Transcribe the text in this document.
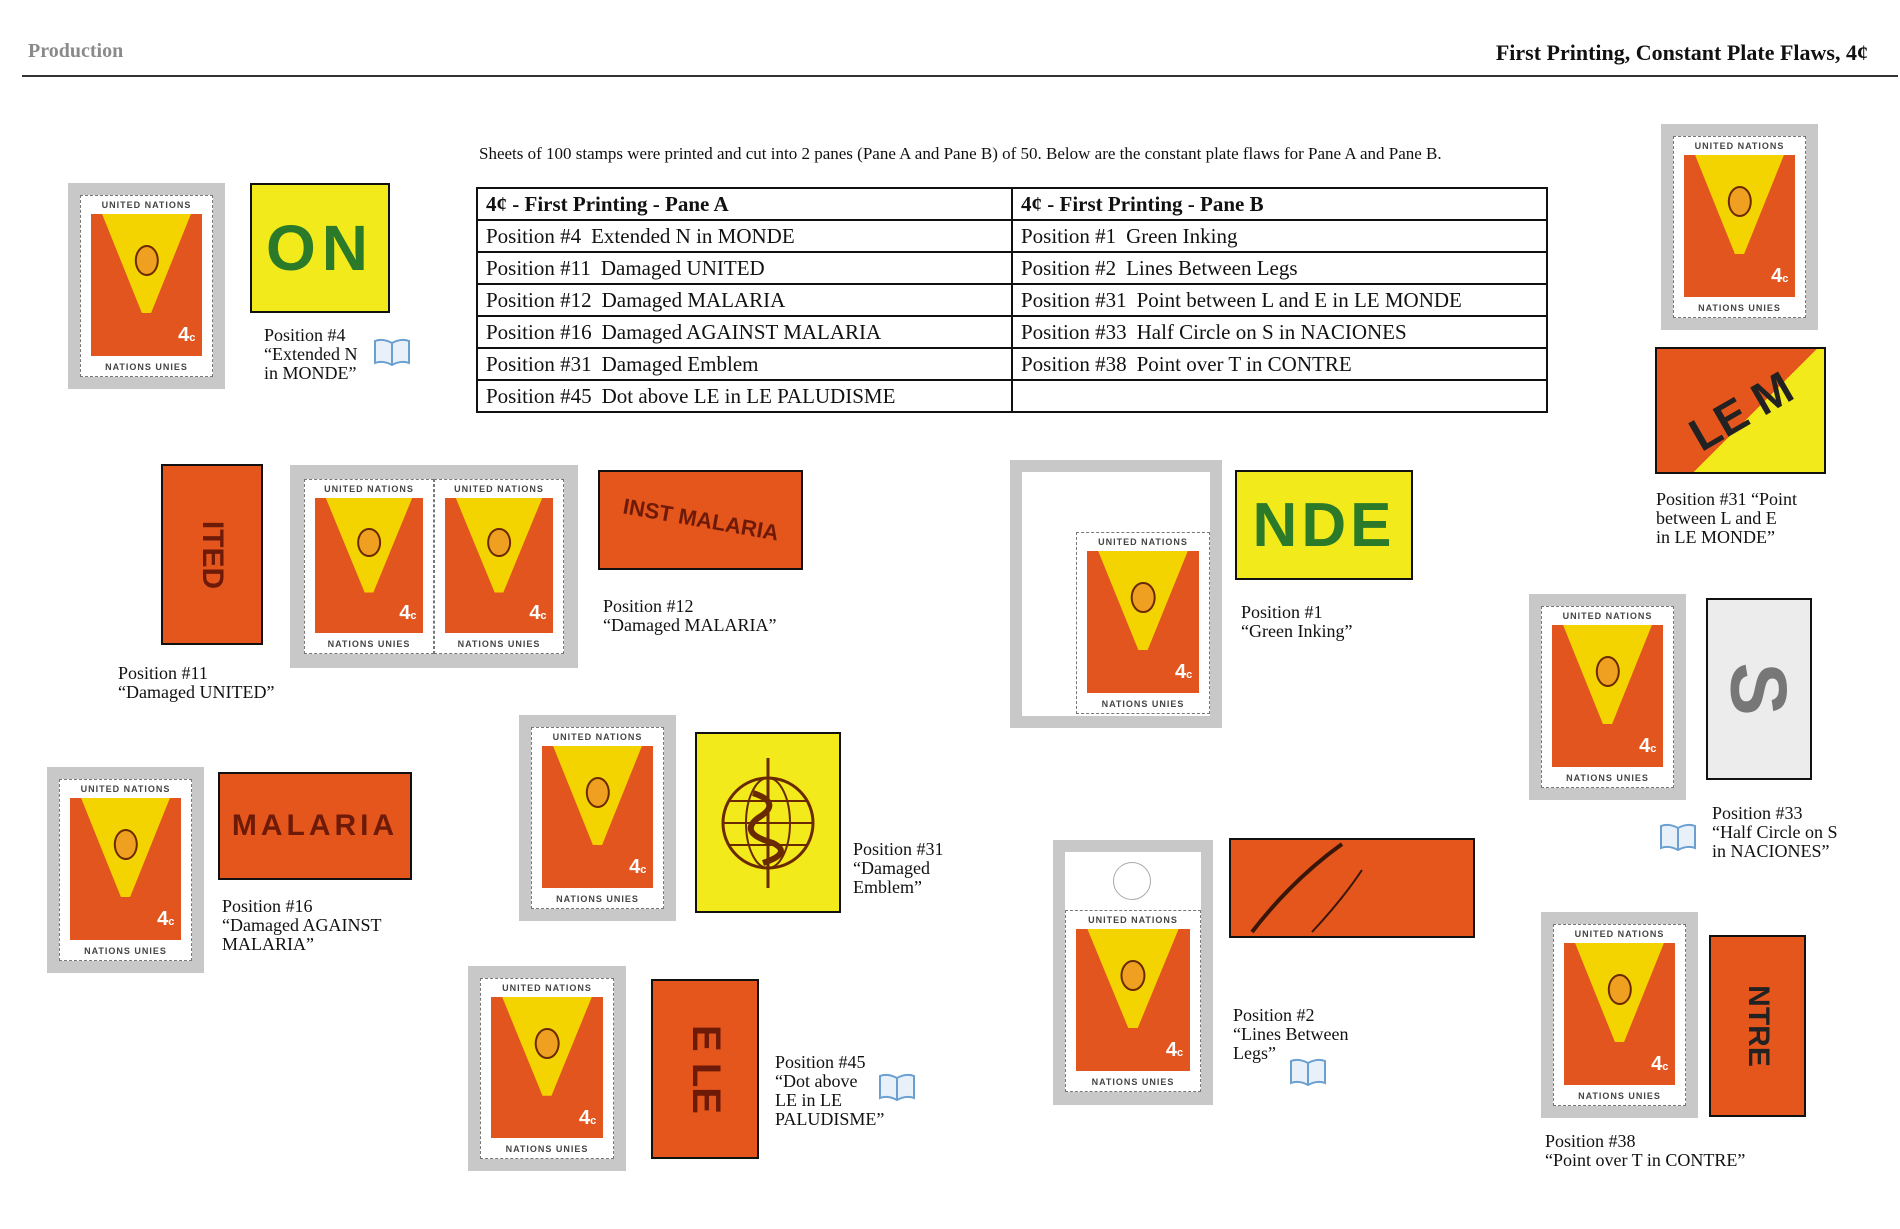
Production	First Printing, Constant Plate Flaws, 4¢
Sheets of 100 stamps were printed and cut into 2 panes (Pane A and Pane B) of 50. Below are the constant plate flaws for Pane A and Pane B.
4¢ - First Printing - Pane A	4¢ - First Printing - Pane B
Position #4 Extended N in MONDE	Position #1 Green Inking
Position #11 Damaged UNITED	Position #2 Lines Between Legs
Position #12 Damaged MALARIA	Position #31 Point between L and E in LE MONDE
Position #16 Damaged AGAINST MALARIA	Position #33 Half Circle on S in NACIONES
Position #31 Damaged Emblem	Position #38 Point over T in CONTRE
Position #45 Dot above LE in LE PALUDISME	
UNITED NATIONS
4c
NATIONS UNIES
UNITED NATIONS
4c
NATIONS UNIES
UNITED NATIONS
4c
NATIONS UNIES
UNITED NATIONS
4c
NATIONS UNIES
UNITED NATIONS
4c
NATIONS UNIES
UNITED NATIONS
4c
NATIONS UNIES
UNITED NATIONS
4c
NATIONS UNIES
UNITED NATIONS
4c
NATIONS UNIES
UNITED NATIONS
4c
NATIONS UNIES
UNITED NATIONS
4c
NATIONS UNIES
UNITED NATIONS
4c
NATIONS UNIES
ON
ITED
INST MALARIA
MALARIA
E LE
NDE
LE M
S
NTRE
Position #4
“Extended N
in MONDE”
Position #11
“Damaged UNITED”
Position #12
“Damaged MALARIA”
Position #16
“Damaged AGAINST
MALARIA”
Position #31
“Damaged
Emblem”
Position #45
“Dot above
LE in LE
PALUDISME”
Position #1
“Green Inking”
Position #2
“Lines Between
Legs”
Position #31 “Point
between L and E
in LE MONDE”
Position #33
“Half Circle on S
in NACIONES”
Position #38
“Point over T in CONTRE”
